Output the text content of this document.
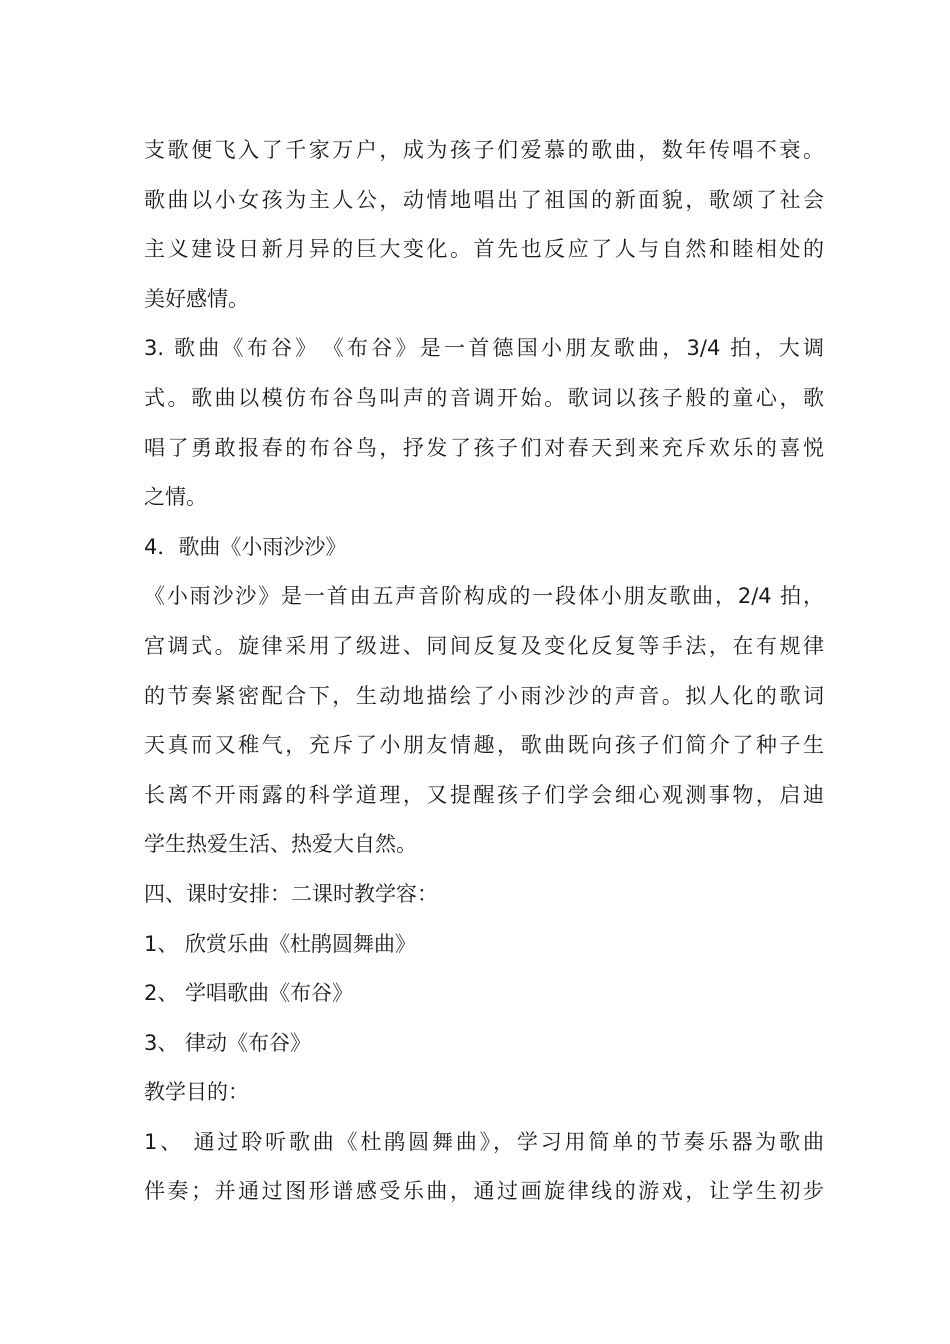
支歌便飞入了千家万户，成为孩子们爱慕的歌曲，数年传唱不衰。
歌曲以小女孩为主人公，动情地唱出了祖国的新面貌，歌颂了社会
主义建设日新月异的巨大变化。首先也反应了人与自然和睦相处的
美好感情。
3. 歌曲《布谷》　《布谷》是一首德国小朋友歌曲，3/4 拍，大调
式。歌曲以模仿布谷鸟叫声的音调开始。歌词以孩子般的童心，歌
唱了勇敢报春的布谷鸟，抒发了孩子们对春天到来充斥欢乐的喜悦
之情。
4．歌曲《小雨沙沙》
《小雨沙沙》是一首由五声音阶构成的一段体小朋友歌曲，2/4 拍，
宫调式。旋律采用了级进、同间反复及变化反复等手法，在有规律
的节奏紧密配合下，生动地描绘了小雨沙沙的声音。拟人化的歌词
天真而又稚气，充斥了小朋友情趣，歌曲既向孩子们简介了种子生
长离不开雨露的科学道理，又提醒孩子们学会细心观测事物，启迪
学生热爱生活、热爱大自然。
四、课时安排：二课时教学容：
1、 欣赏乐曲《杜鹃圆舞曲》
2、 学唱歌曲《布谷》
3、 律动《布谷》
教学目的：
1、 通过聆听歌曲《杜鹃圆舞曲》，学习用简单的节奏乐器为歌曲
伴奏；并通过图形谱感受乐曲，通过画旋律线的游戏，让学生初步
